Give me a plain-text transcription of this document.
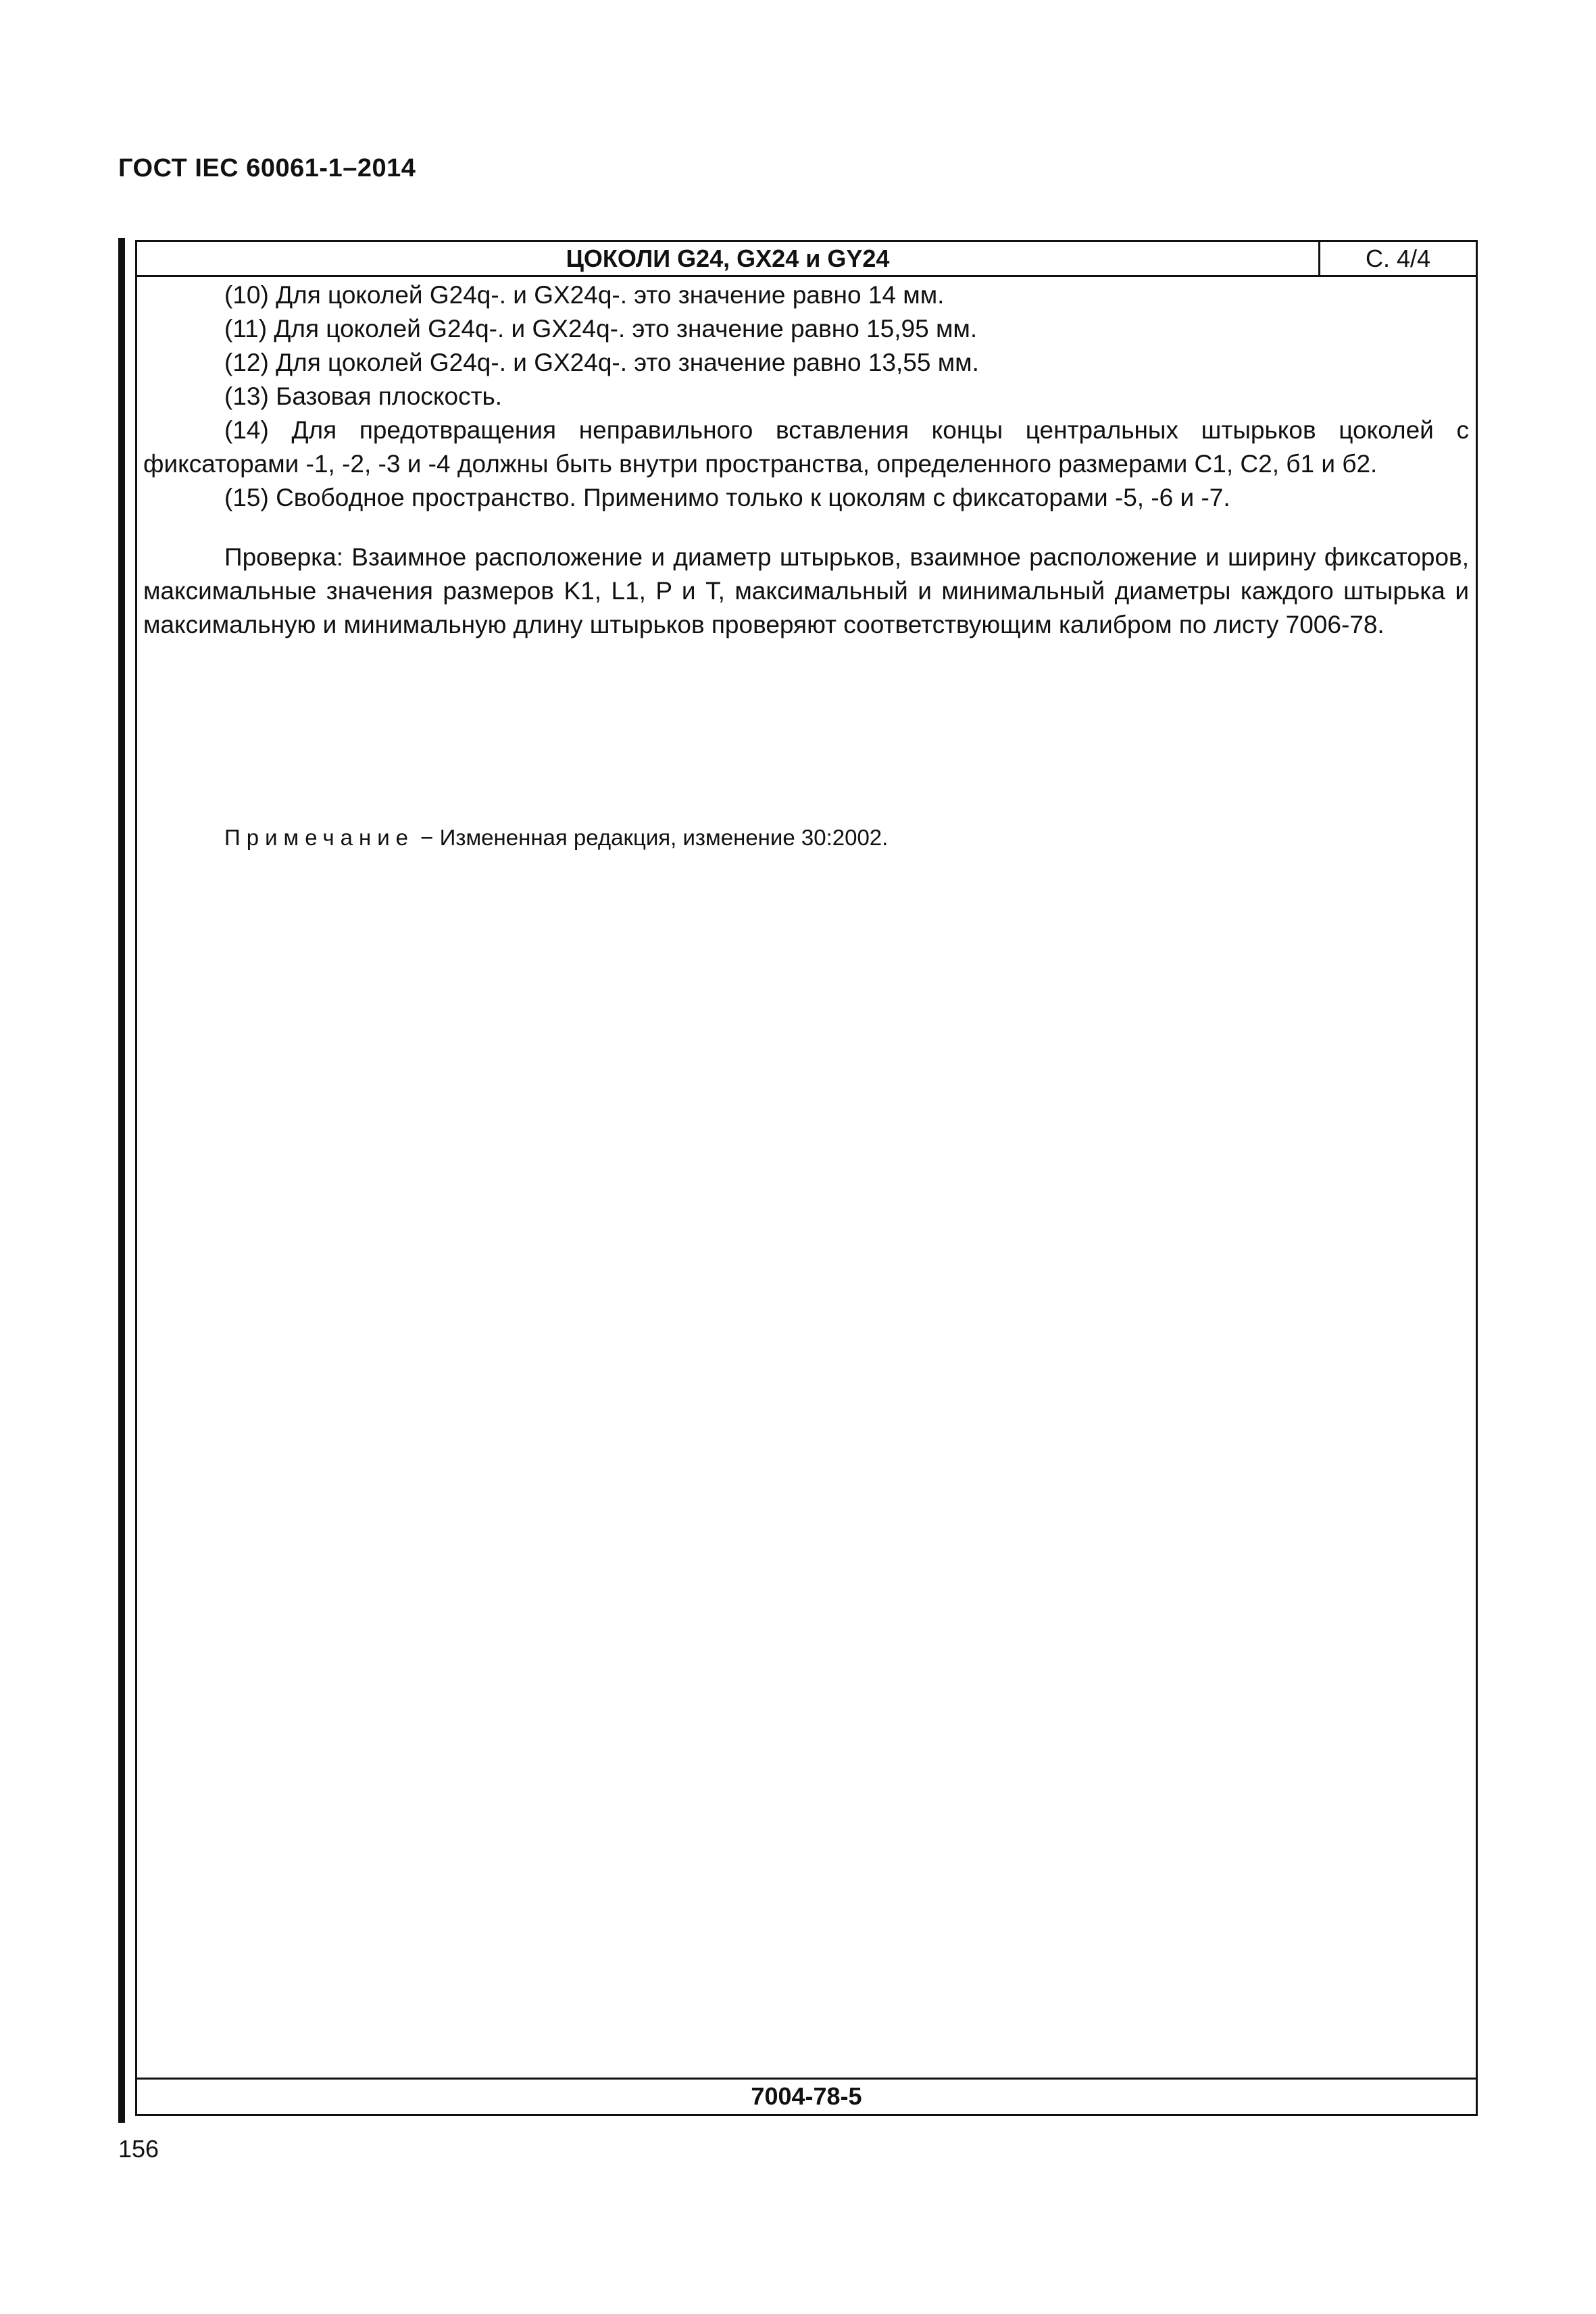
ГОСТ IEC 60061-1–2014
ЦОКОЛИ G24, GX24 и GY24	С. 4/4

(10) Для цоколей G24q-. и GX24q-. это значение равно 14 мм.

(11) Для цоколей G24q-. и GX24q-. это значение равно 15,95 мм.

(12) Для цоколей G24q-. и GX24q-. это значение равно 13,55 мм.

(13) Базовая плоскость.

(14) Для предотвращения неправильного вставления концы центральных штырьков цоколей с фиксаторами -1, -2, -3 и -4 должны быть внутри пространства, определенного размерами С1, С2, б1 и б2.

(15) Свободное пространство. Применимо только к цоколям с фиксаторами -5, -6 и -7.

Проверка: Взаимное расположение и диаметр штырьков, взаимное расположение и ширину фиксаторов, максимальные значения размеров K1, L1, P и T, максимальный и минимальный диаметры каждого штырька и максимальную и минимальную длину штырьков проверяют соответствующим калибром по листу 7006-78.

Примечание − Измененная редакция, изменение 30:2002.

7004-78-5
156
